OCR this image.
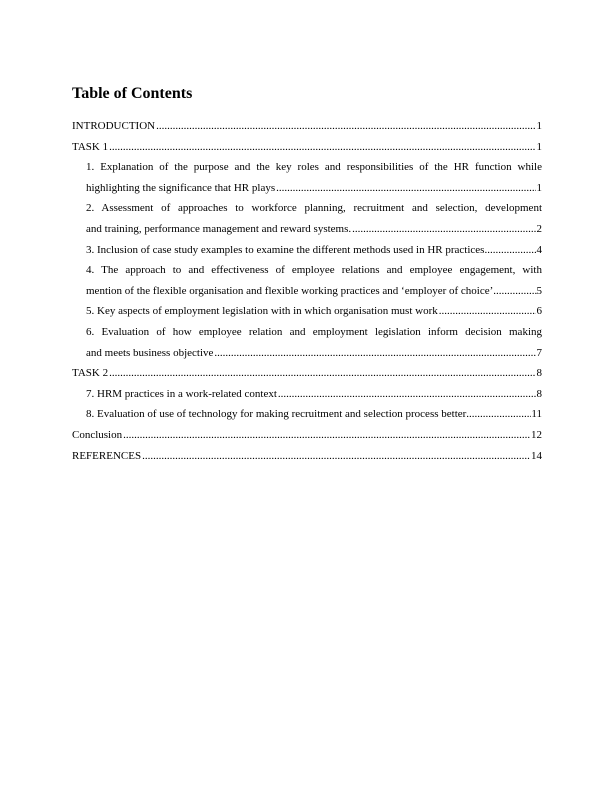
Table of Contents
INTRODUCTION .....	1
TASK 1 .....	1
1. Explanation of the purpose and the key roles and responsibilities of the HR function while
highlighting the significance that HR plays .....	1
2. Assessment of approaches to workforce planning, recruitment and selection, development
and training, performance management and reward systems. .....	2
3. Inclusion of case study examples to examine the different methods used in HR practices. .....	4
4. The approach to and effectiveness of employee relations and employee engagement, with
mention of the flexible organisation and flexible working practices and ‘employer of choice’. .....	5
5. Key aspects of employment legislation with in which organisation must work .....	6
6. Evaluation of how employee relation and employment legislation inform decision making
and meets business objective .....	7
TASK 2 .....	8
7. HRM practices in a work-related context .....	8
8. Evaluation of use of technology for making recruitment and selection process better .....	11
Conclusion .....	12
REFERENCES .....	14
